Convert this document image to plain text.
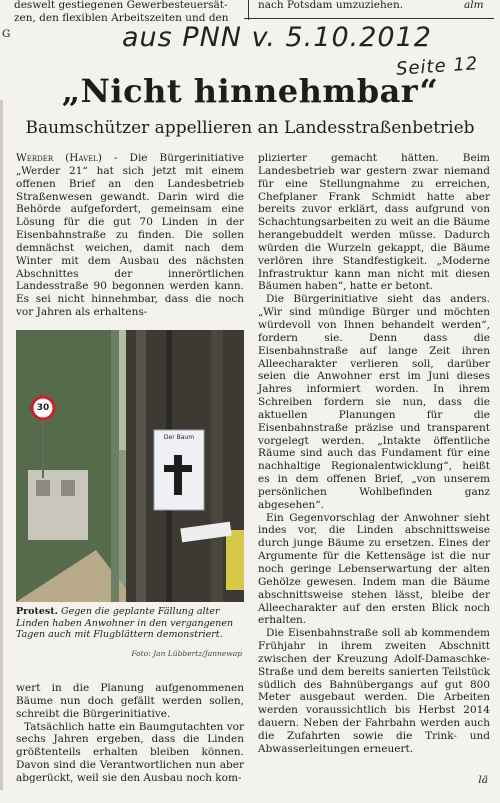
deswelt gestiegenen Gewerbesteuersät-
zen, den flexiblen Arbeitszeiten und den
nach Potsdam umzuziehen.	alm
G	aus PNN v. 5.10.2012
Seite 12
„Nicht hinnehmbar“
Baumschützer appellieren an Landesstraßenbetrieb

Werder (Havel) - Die Bürgerinitiative „Werder 21“ hat sich jetzt mit einem offenen Brief an den Landesbetrieb Straßenwesen gewandt. Darin wird die Behörde aufgefordert, gemeinsam eine Lösung für die gut 70 Linden in der Eisenbahnstraße zu finden. Die sollen demnächst weichen, damit nach dem Winter mit dem Ausbau des nächsten Abschnittes der innerörtlichen Landesstraße 90 begonnen werden kann. Es sei nicht hinnehmbar, dass die noch vor Jahren als erhaltens-

30
Der Baum
Protest. Gegen die geplante Fällung alter Linden haben Anwohner in den vergangenen Tagen auch mit Flugblättern demonstriert.
Foto: Jan Lübbertz/Jannewap

wert in die Planung aufgenommenen Bäume nun doch gefällt werden sollen, schreibt die Bürgerinitiative.

Tatsächlich hatte ein Baumgutachten vor sechs Jahren ergeben, dass die Linden größtenteils erhalten bleiben können. Davon sind die Verantwortlichen nun aber abgerückt, weil sie den Ausbau noch kom-

plizierter gemacht hätten. Beim Landesbetrieb war gestern zwar niemand für eine Stellungnahme zu erreichen, Chefplaner Frank Schmidt hatte aber bereits zuvor erklärt, dass aufgrund von Schachtungsarbeiten zu weit an die Bäume herangebuddelt werden müsse. Dadurch würden die Wurzeln gekappt, die Bäume verlören ihre Standfestigkeit. „Moderne Infrastruktur kann man nicht mit diesen Bäumen haben“, hatte er betont.

Die Bürgerinitiative sieht das anders. „Wir sind mündige Bürger und möchten würdevoll von Ihnen behandelt werden“, fordern sie. Denn dass die Eisenbahnstraße auf lange Zeit ihren Alleecharakter verlieren soll, darüber seien die Anwohner erst im Juni dieses Jahres informiert worden. In ihrem Schreiben fordern sie nun, dass die aktuellen Planungen für die Eisenbahnstraße präzise und transparent vorgelegt werden. „Intakte öffentliche Räume sind auch das Fundament für eine nachhaltige Regionalentwicklung“, heißt es in dem offenen Brief, „von unserem persönlichen Wohlbefinden ganz abgesehen“.

Ein Gegenvorschlag der Anwohner sieht indes vor, die Linden abschnittsweise durch junge Bäume zu ersetzen. Eines der Argumente für die Kettensäge ist die nur noch geringe Lebenserwartung der alten Gehölze gewesen. Indem man die Bäume abschnittsweise stehen lässt, bleibe der Alleecharakter auf den ersten Blick noch erhalten.

Die Eisenbahnstraße soll ab kommendem Frühjahr in ihrem zweiten Abschnitt zwischen der Kreuzung Adolf-Damaschke-Straße und dem bereits sanierten Teilstück südlich des Bahnübergangs auf gut 800 Meter ausgebaut werden. Die Arbeiten werden voraussichtlich bis Herbst 2014 dauern. Neben der Fahrbahn werden auch die Zufahrten sowie die Trink- und Abwasserleitungen erneuert.

lä
